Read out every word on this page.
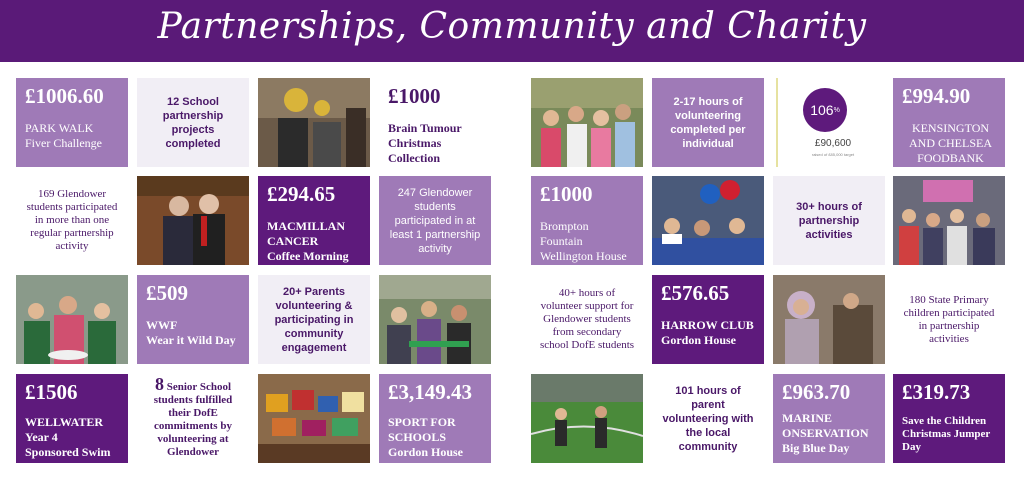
Partnerships, Community and Charity
£1006.60
PARK WALK
Fiver Challenge
12 School partnership projects completed
£1000
Brain Tumour
Christmas
Collection
2-17 hours of volunteering completed per individual
106 %
£90,600
raised of £85,000 target
£994.90
KENSINGTON
AND CHELSEA
FOODBANK
169 Glendower students participated in more than one regular partnership activity
£294.65
MACMILLAN
CANCER
Coffee Morning
247 Glendower students participated in at least 1 partnership activity
£1000
Brompton
Fountain
Wellington House
30+ hours of partnership activities
£509
WWF
Wear it Wild Day
20+ Parents volunteering & participating in community engagement
40+ hours of volunteer support for Glendower students from secondary school DofE students
£576.65
HARROW CLUB
Gordon House
180 State Primary children participated in partnership activities
£1506
WELLWATER
Year 4
Sponsored Swim
8 Senior School students fulfilled their DofE commitments by volunteering at Glendower
£3,149.43
SPORT FOR
SCHOOLS
Gordon House
101 hours of parent volunteering with the local community
£963.70
MARINE
ONSERVATION
Big Blue Day
£319.73
Save the Children
Christmas Jumper
Day
